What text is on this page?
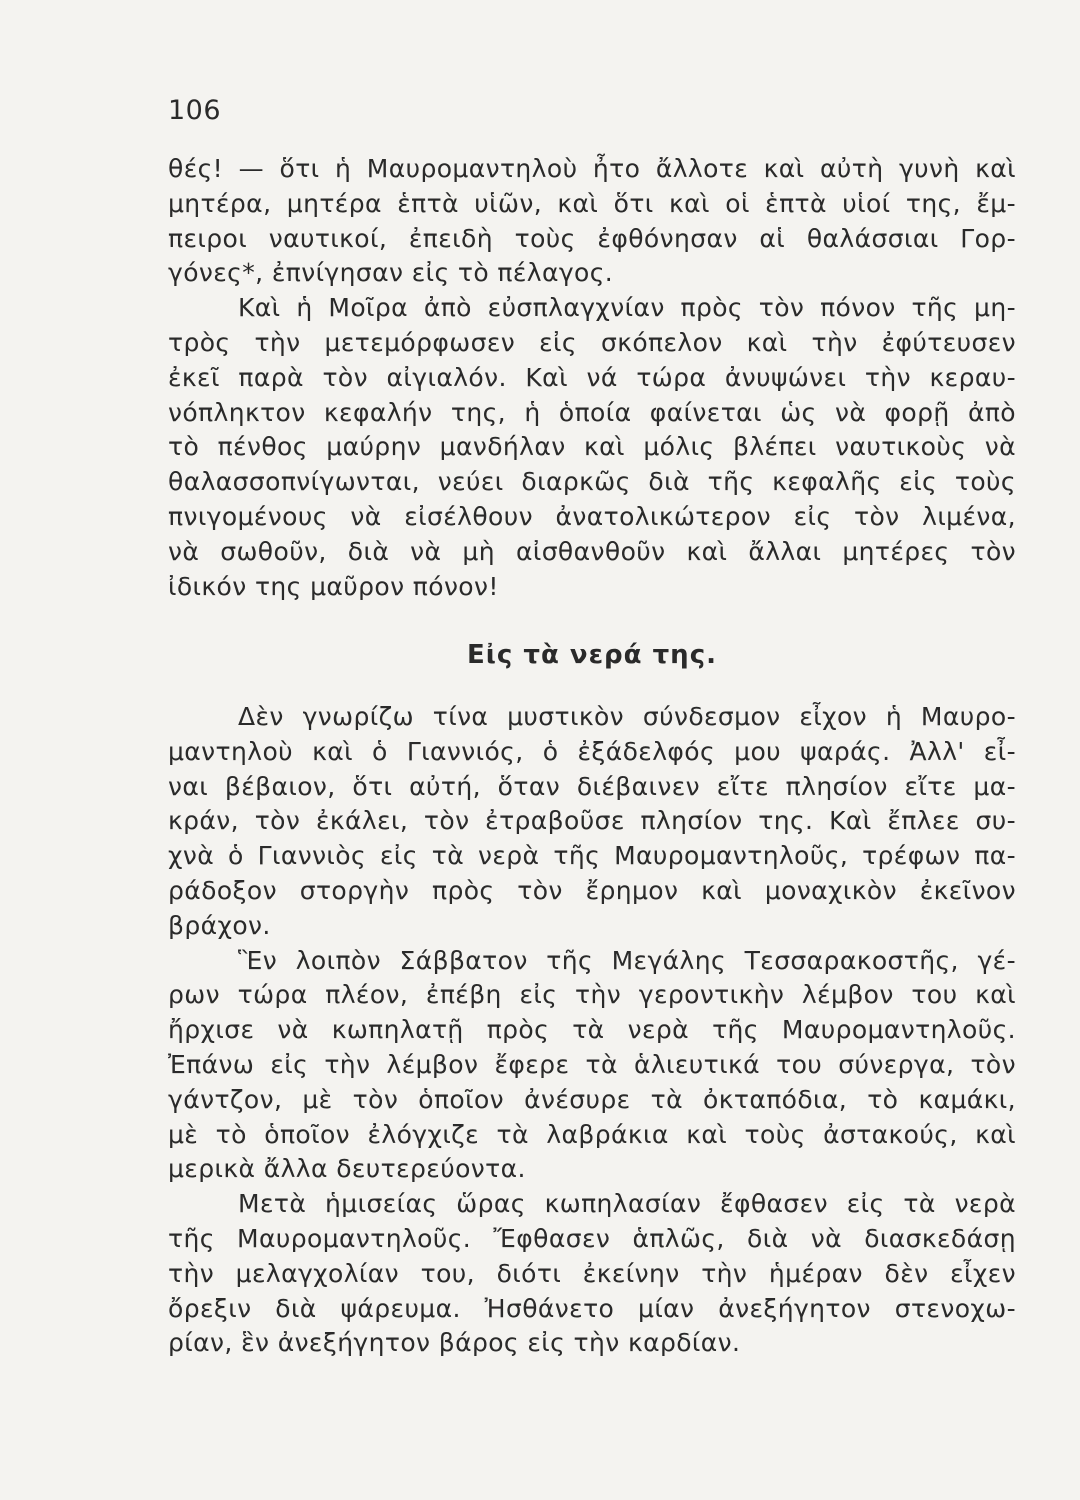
106
θές! — ὅτι ἡ Μαυρομαντηλοὺ ἦτο ἄλλοτε καὶ αὐτὴ γυνὴ καὶ
μητέρα, μητέρα ἑπτὰ υἱῶν, καὶ ὅτι καὶ οἱ ἑπτὰ υἱοί της, ἔμ-
πειροι ναυτικοί, ἐπειδὴ τοὺς ἐφθόνησαν αἱ θαλάσσιαι Γορ-
γόνες*, ἐπνίγησαν εἰς τὸ πέλαγος.
Καὶ ἡ Μοῖρα ἀπὸ εὐσπλαγχνίαν πρὸς τὸν πόνον τῆς μη-
τρὸς τὴν μετεμόρφωσεν εἰς σκόπελον καὶ τὴν ἐφύτευσεν
ἐκεῖ παρὰ τὸν αἰγιαλόν. Καὶ νά τώρα ἀνυψώνει τὴν κεραυ-
νόπληκτον κεφαλήν της, ἡ ὁποία φαίνεται ὡς νὰ φορῇ ἀπὸ
τὸ πένθος μαύρην μανδήλαν καὶ μόλις βλέπει ναυτικοὺς νὰ
θαλασσοπνίγωνται, νεύει διαρκῶς διὰ τῆς κεφαλῆς εἰς τοὺς
πνιγομένους νὰ εἰσέλθουν ἀνατολικώτερον εἰς τὸν λιμένα,
νὰ σωθοῦν, διὰ νὰ μὴ αἰσθανθοῦν καὶ ἄλλαι μητέρες τὸν
ἰδικόν της μαῦρον πόνον!
Εἰς τὰ νερά της.
Δὲν γνωρίζω τίνα μυστικὸν σύνδεσμον εἶχον ἡ Μαυρο-
μαντηλοὺ καὶ ὁ Γιαννιός, ὁ ἐξάδελφός μου ψαράς. Ἀλλ' εἶ-
ναι βέβαιον, ὅτι αὐτή, ὅταν διέβαινεν εἴτε πλησίον εἴτε μα-
κράν, τὸν ἐκάλει, τὸν ἐτραβοῦσε πλησίον της. Καὶ ἔπλεε συ-
χνὰ ὁ Γιαννιὸς εἰς τὰ νερὰ τῆς Μαυρομαντηλοῦς, τρέφων πα-
ράδοξον στοργὴν πρὸς τὸν ἔρημον καὶ μοναχικὸν ἐκεῖνον
βράχον.
Ἓν λοιπὸν Σάββατον τῆς Μεγάλης Τεσσαρακοστῆς, γέ-
ρων τώρα πλέον, ἐπέβη εἰς τὴν γεροντικὴν λέμβον του καὶ
ἤρχισε νὰ κωπηλατῇ πρὸς τὰ νερὰ τῆς Μαυρομαντηλοῦς.
Ἐπάνω εἰς τὴν λέμβον ἔφερε τὰ ἁλιευτικά του σύνεργα, τὸν
γάντζον, μὲ τὸν ὁποῖον ἀνέσυρε τὰ ὀκταπόδια, τὸ καμάκι,
μὲ τὸ ὁποῖον ἐλόγχιζε τὰ λαβράκια καὶ τοὺς ἀστακούς, καὶ
μερικὰ ἄλλα δευτερεύοντα.
Μετὰ ἡμισείας ὥρας κωπηλασίαν ἔφθασεν εἰς τὰ νερὰ
τῆς Μαυρομαντηλοῦς. Ἔφθασεν ἁπλῶς, διὰ νὰ διασκεδάσῃ
τὴν μελαγχολίαν του, διότι ἐκείνην τὴν ἡμέραν δὲν εἶχεν
ὄρεξιν διὰ ψάρευμα. Ἠσθάνετο μίαν ἀνεξήγητον στενοχω-
ρίαν, ἓν ἀνεξήγητον βάρος εἰς τὴν καρδίαν.
